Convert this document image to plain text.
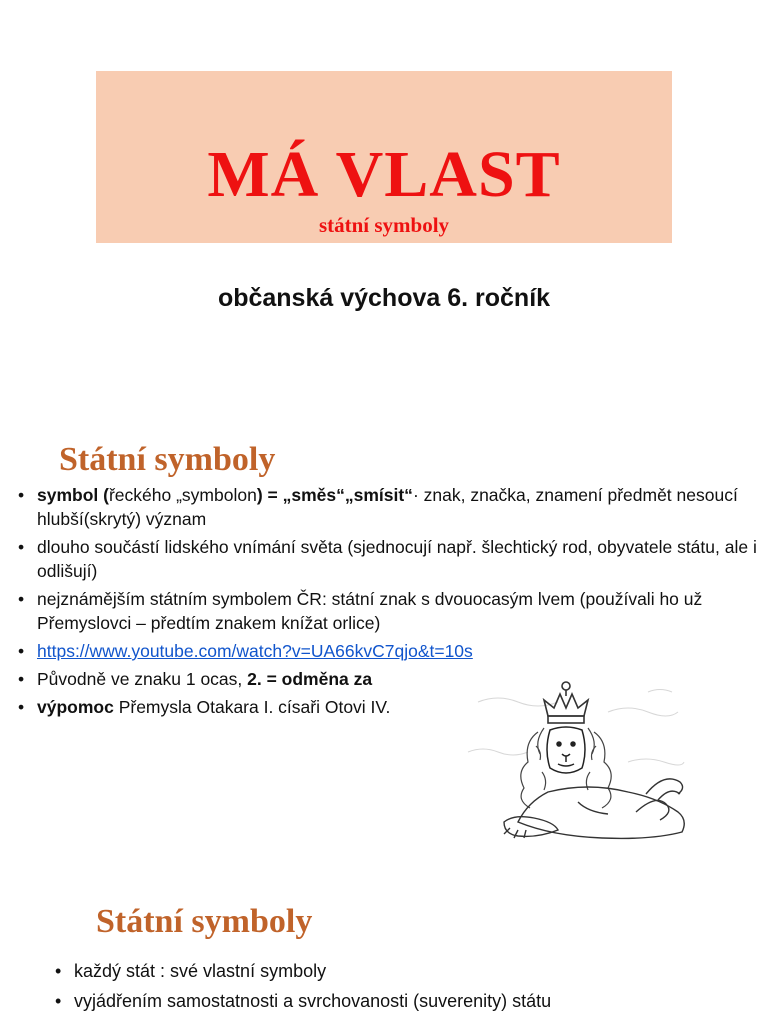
MÁ VLAST
státní symboly
občanská výchova 6. ročník
Státní symboly
• symbol (řeckého „symbolon) = „směs“„smísit“· znak, značka, znamení předmět nesoucí hlubší(skrytý) význam
• dlouho součástí lidského vnímání světa (sjednocují např. šlechtický rod, obyvatele státu, ale i odlišují)
• nejznámějším státním symbolem ČR: státní znak s dvouocasým lvem (používali ho už Přemyslovci – předtím znakem knížat orlice)
• https://www.youtube.com/watch?v=UA66kvC7qjo&t=10s
• Původně ve znaku 1 ocas, 2. = odměna za
• výpomoc Přemysla Otakara I. císaři Otovi IV.
Státní symboly
• každý stát : své vlastní symboly
• vyjádřením samostatnosti a svrchovanosti (suverenity) státu
